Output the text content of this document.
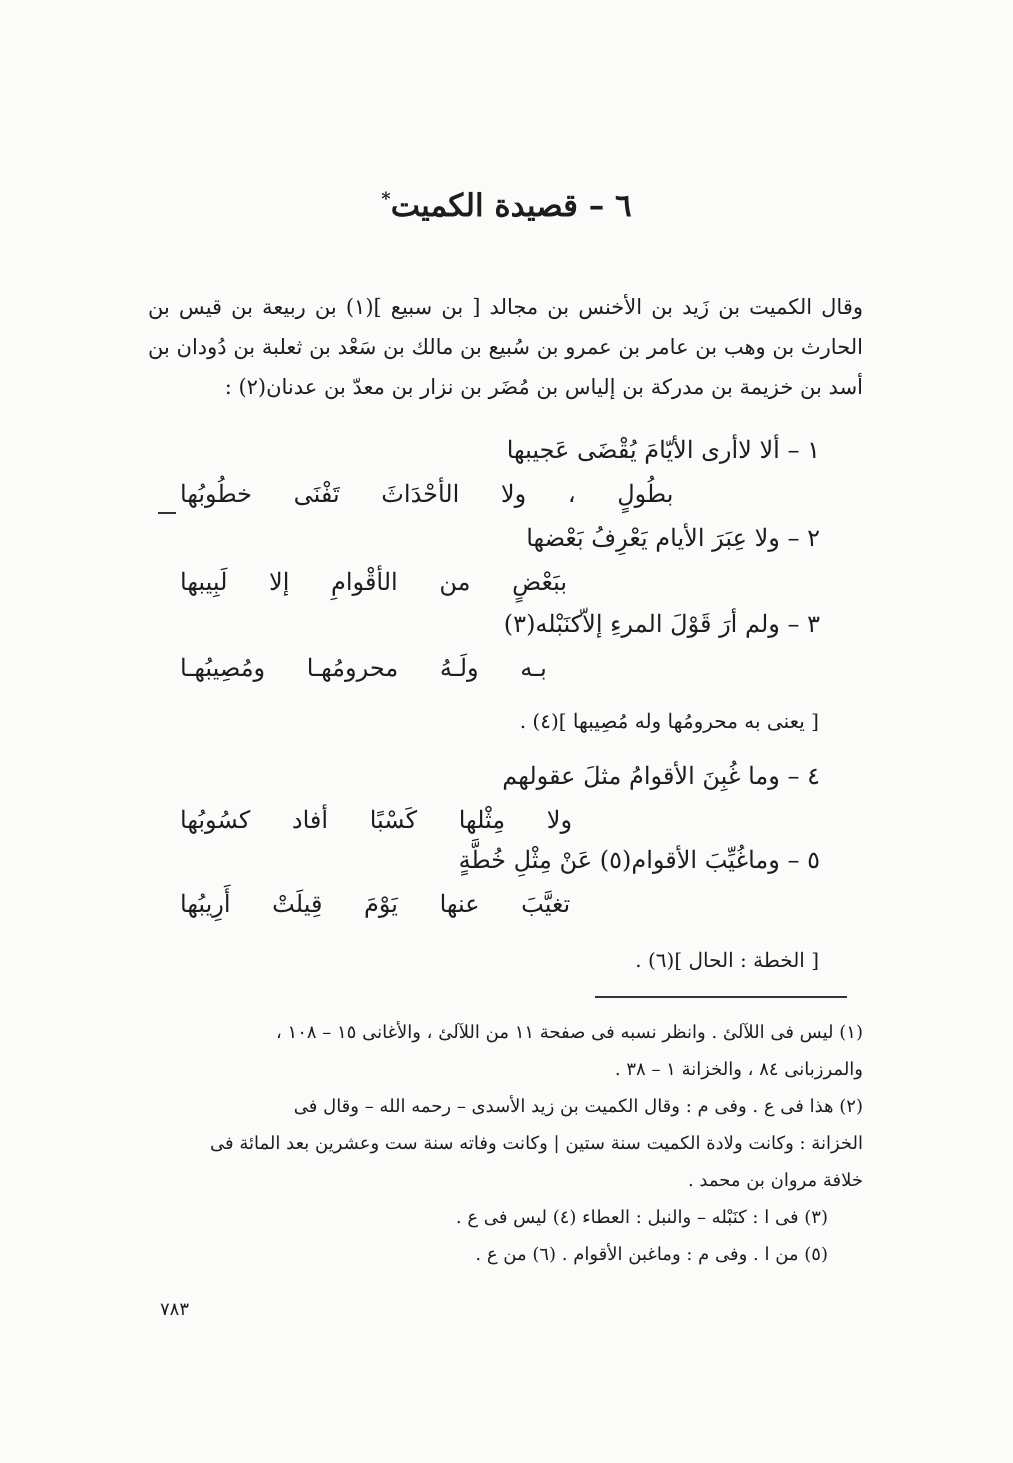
٦ – قصيدة الكميت*
وقال الكميت بن زَيد بن الأخنس بن مجالد [ بن سبيع ](١) بن ربيعة بن قيس بن الحارث بن وهب بن عامر بن عمرو بن سُبيع بن مالك بن سَعْد بن ثعلبة بن دُودان بن أسد بن خزيمة بن مدركة بن إلياس بن مُضَر بن نزار بن معدّ بن عدنان(٢) :
١ – ألا لاأرى الأيّامَ يُقْضَى عَجيبها
بطُولٍ ، ولا الأحْدَاثَ تَفْنَى خطُوبُها
٢ – ولا عِبَرَ الأيام يَعْرِفُ بَعْضها
ببَعْضٍ من الأقْوامِ إلا لَبِيبها
٣ – ولم أرَ قَوْلَ المرءِ إلاّكنَبْله(٣)
بـه ولَـهُ محرومُهـا ومُصِيبُهـا
[ يعنى به محرومُها وله مُصِيبها ](٤) .
٤ – وما غُبِنَ الأقوامُ مثلَ عقولهم
ولا مِثْلها كَسْبًا أفاد كسُوبُها
٥ – وماغُيِّبَ الأقوام(٥) عَنْ مِثْلِ خُطَّةٍ
تغيَّبَ عنها يَوْمَ قِيلَتْ أَرِيبُها
[ الخطة : الحال ](٦) .
(١) ليس فى اللآلئ . وانظر نسبه فى صفحة ١١ من اللآلئ ، والأغانى ١٥ – ١٠٨ ،
والمرزبانى ٨٤ ، والخزانة ١ – ٣٨ .
(٢) هذا فى ع . وفى م : وقال الكميت بن زيد الأسدى – رحمه الله – وقال فى
الخزانة : وكانت ولادة الكميت سنة ستين | وكانت وفاته سنة ست وعشرين بعد المائة فى
خلافة مروان بن محمد .
(٣) فى ا : كنَبْله – والنبل : العطاء (٤) ليس فى ع .
(٥) من ا . وفى م : وماغبن الأقوام . (٦) من ع .
٧٨٣
